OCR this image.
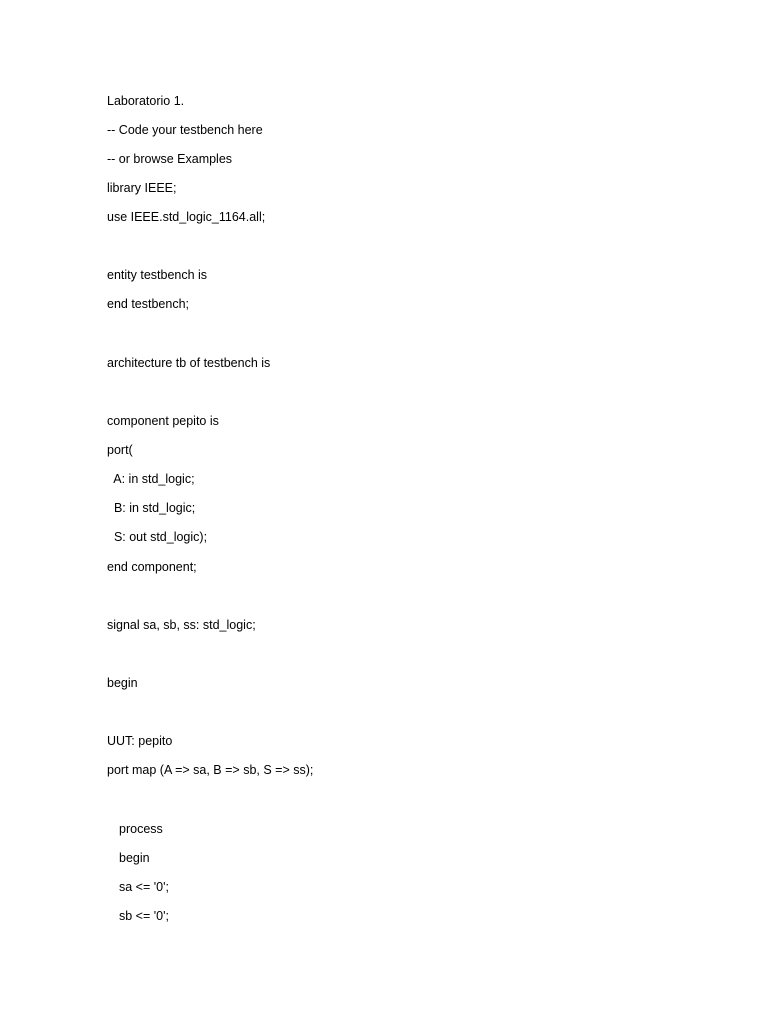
Laboratorio 1.
-- Code your testbench here
-- or browse Examples
library IEEE;
use IEEE.std_logic_1164.all;
entity testbench is
end testbench;
architecture tb of testbench is
component pepito is
port(
A: in std_logic;
B: in std_logic;
S: out std_logic);
end component;
signal sa, sb, ss: std_logic;
begin
UUT: pepito
port map (A => sa, B => sb, S => ss);
process
begin
sa <= '0';
sb <= '0';
